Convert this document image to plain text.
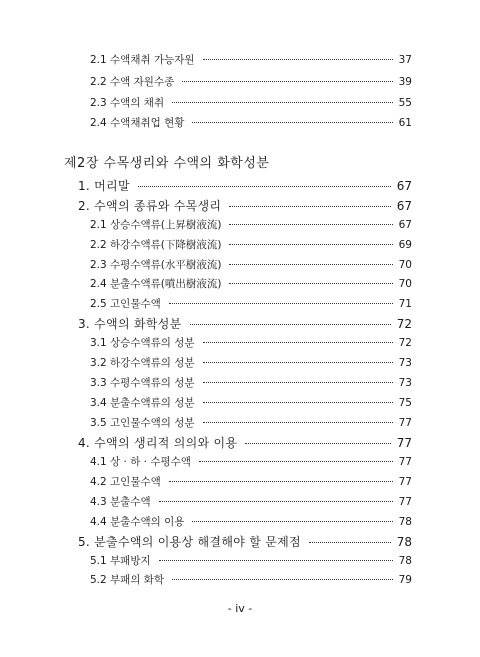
2.1 수액채취 가능자원	37
2.2 수액 자원수종	39
2.3 수액의 채취	55
2.4 수액채취업 현황	61
제2장 수목생리와 수액의 화학성분
1. 머리말	67
2. 수액의 종류와 수목생리	67
2.1 상승수액류(上昇樹液流)	67
2.2 하강수액류(下降樹液流)	69
2.3 수평수액류(水平樹液流)	70
2.4 분출수액류(噴出樹液流)	70
2.5 고인물수액	71
3. 수액의 화학성분	72
3.1 상승수액류의 성분	72
3.2 하강수액류의 성분	73
3.3 수평수액류의 성분	73
3.4 분출수액류의 성분	75
3.5 고인물수액의 성분	77
4. 수액의 생리적 의의와 이용	77
4.1 상 · 하 · 수평수액	77
4.2 고인물수액	77
4.3 분출수액	77
4.4 분출수액의 이용	78
5. 분출수액의 이용상 해결해야 할 문제점	78
5.1 부패방지	78
5.2 부패의 화학	79
- iv -
